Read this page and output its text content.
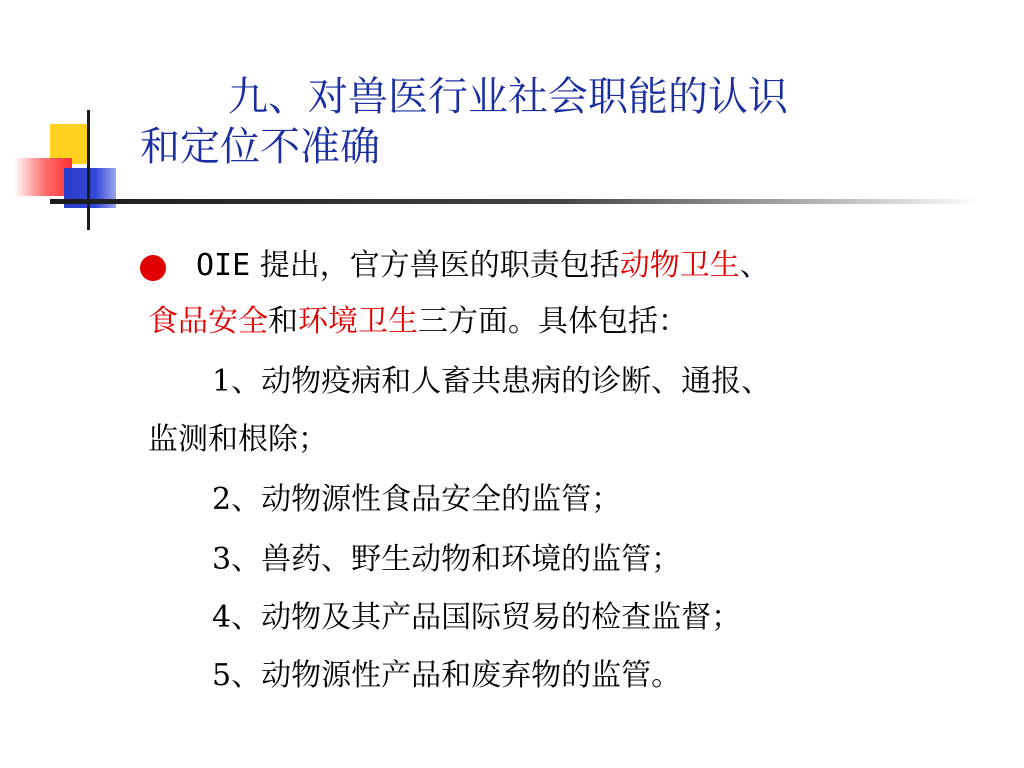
九、对兽医行业社会职能的认识
和定位不准确
OIE 提出，官方兽医的职责包括动物卫生、
食品安全和环境卫生三方面。具体包括：
1、动物疫病和人畜共患病的诊断、通报、
监测和根除；
2、动物源性食品安全的监管；
3、兽药、野生动物和环境的监管；
4、动物及其产品国际贸易的检查监督；
5、动物源性产品和废弃物的监管。
